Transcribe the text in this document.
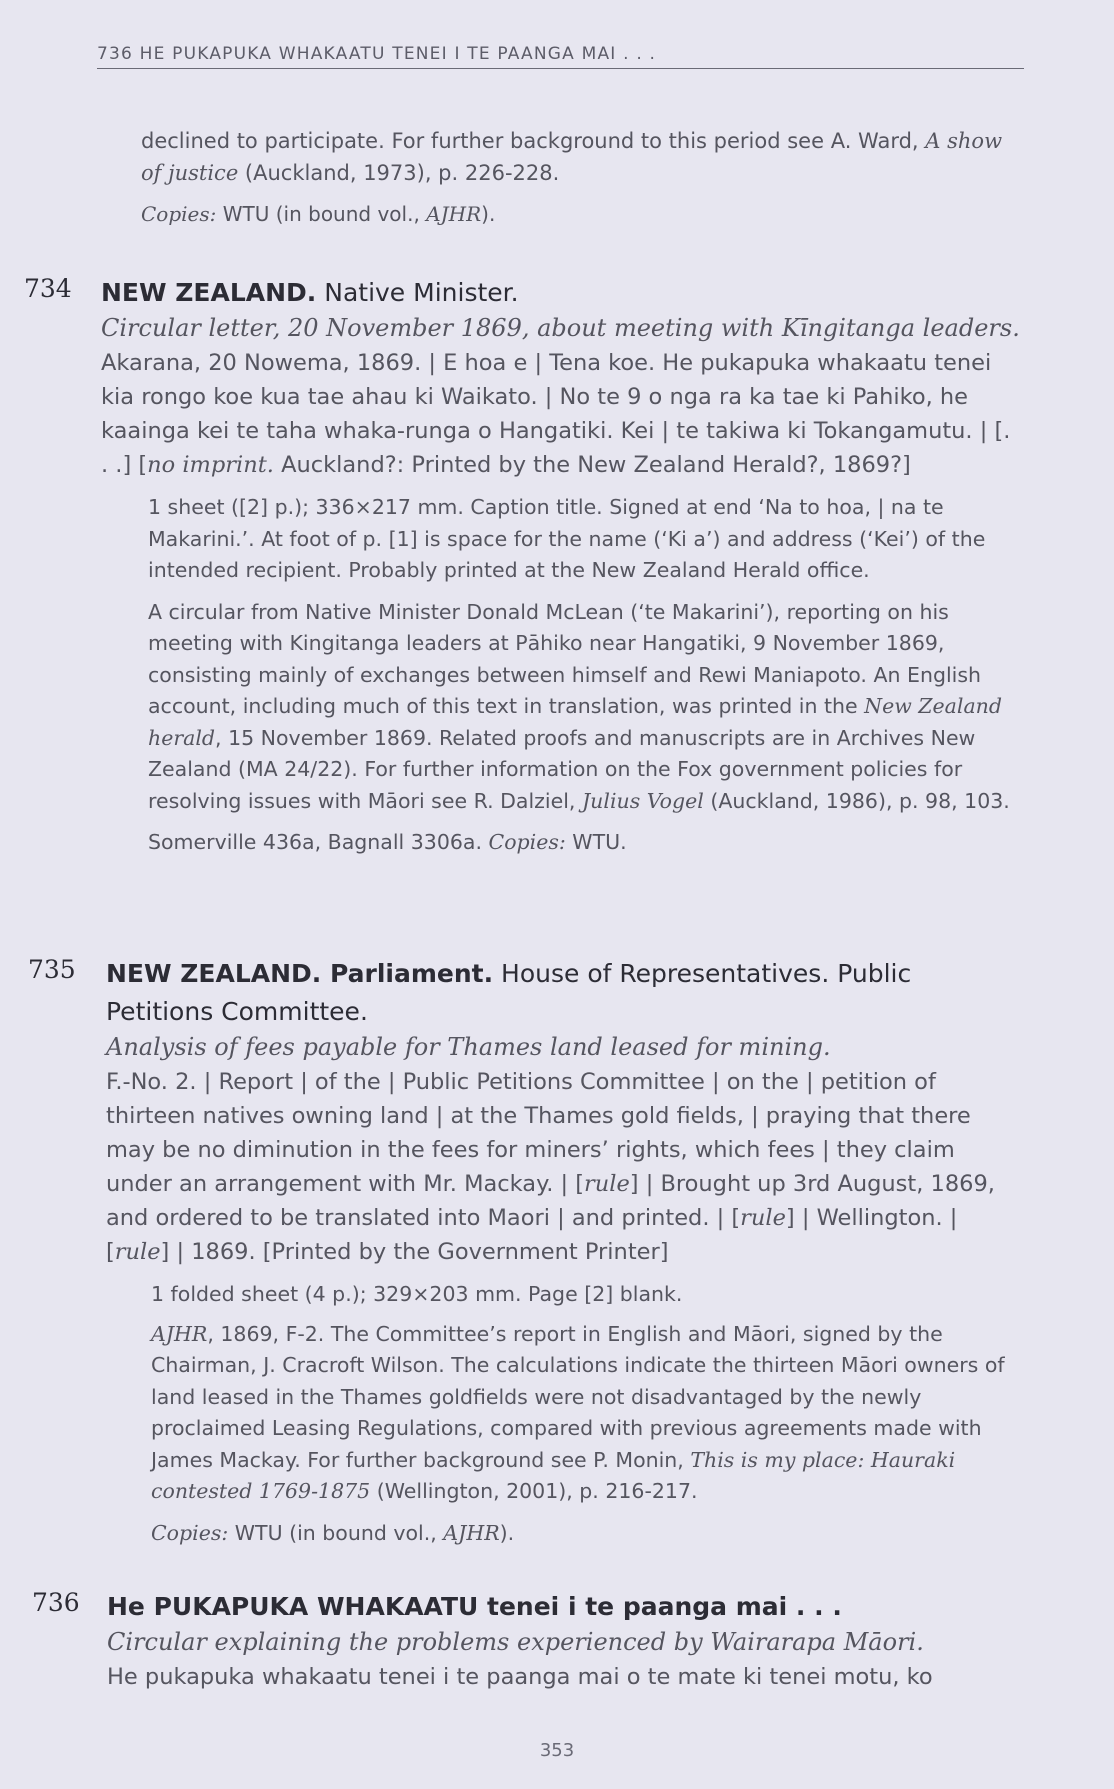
736 HE PUKAPUKA WHAKAATU TENEI I TE PAANGA MAI . . .

declined to participate. For further background to this period see A. Ward, A show of justice (Auckland, 1973), p. 226-228.

Copies: WTU (in bound vol., AJHR).

734 NEW ZEALAND. Native Minister.

Circular letter, 20 November 1869, about meeting with Kīngitanga leaders.

Akarana, 20 Nowema, 1869. | E hoa e | Tena koe. He pukapuka whakaatu tenei kia rongo koe kua tae ahau ki Waikato. | No te 9 o nga ra ka tae ki Pahiko, he kaainga kei te taha whaka-runga o Hangatiki. Kei | te takiwa ki Tokangamutu. | [. . .] [no imprint. Auckland?: Printed by the New Zealand Herald?, 1869?]

1 sheet ([2] p.); 336×217 mm. Caption title. Signed at end ‘Na to hoa, | na te Makarini.’. At foot of p. [1] is space for the name (‘Ki a’) and address (‘Kei’) of the intended recipient. Probably printed at the New Zealand Herald office.

A circular from Native Minister Donald McLean (‘te Makarini’), reporting on his meeting with Kingitanga leaders at Pāhiko near Hangatiki, 9 November 1869, consisting mainly of exchanges between himself and Rewi Maniapoto. An English account, including much of this text in translation, was printed in the New Zealand herald, 15 November 1869. Related proofs and manuscripts are in Archives New Zealand (MA 24/22). For further information on the Fox government policies for resolving issues with Māori see R. Dalziel, Julius Vogel (Auckland, 1986), p. 98, 103.

Somerville 436a, Bagnall 3306a. Copies: WTU.

735 NEW ZEALAND. Parliament. House of Representatives. Public Petitions Committee.

Analysis of fees payable for Thames land leased for mining.

F.-No. 2. | Report | of the | Public Petitions Committee | on the | petition of thirteen natives owning land | at the Thames gold fields, | praying that there may be no diminution in the fees for miners’ rights, which fees | they claim under an arrangement with Mr. Mackay. | [rule] | Brought up 3rd August, 1869, and ordered to be translated into Maori | and printed. | [rule] | Wellington. | [rule] | 1869. [Printed by the Government Printer]

1 folded sheet (4 p.); 329×203 mm. Page [2] blank.

AJHR, 1869, F-2. The Committee’s report in English and Māori, signed by the Chairman, J. Cracroft Wilson. The calculations indicate the thirteen Māori owners of land leased in the Thames goldfields were not disadvantaged by the newly proclaimed Leasing Regulations, compared with previous agreements made with James Mackay. For further background see P. Monin, This is my place: Hauraki contested 1769-1875 (Wellington, 2001), p. 216-217.

Copies: WTU (in bound vol., AJHR).

736 He PUKAPUKA WHAKAATU tenei i te paanga mai . . .

Circular explaining the problems experienced by Wairarapa Māori.

He pukapuka whakaatu tenei i te paanga mai o te mate ki tenei motu, ko

353
